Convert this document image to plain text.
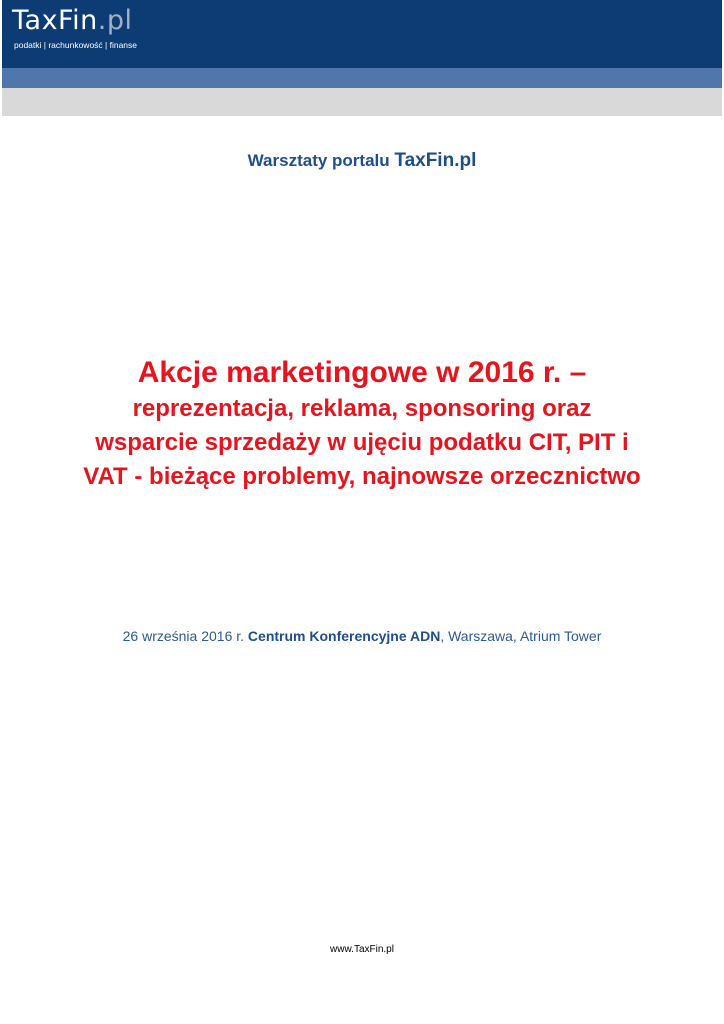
TaxFin.pl
podatki | rachunkowość | finanse
Warsztaty portalu TaxFin.pl
Akcje marketingowe w 2016 r. –
reprezentacja, reklama, sponsoring oraz wsparcie sprzedaży w ujęciu podatku CIT, PIT i VAT - bieżące problemy, najnowsze orzecznictwo
26 września 2016 r. Centrum Konferencyjne ADN, Warszawa, Atrium Tower
www.TaxFin.pl
